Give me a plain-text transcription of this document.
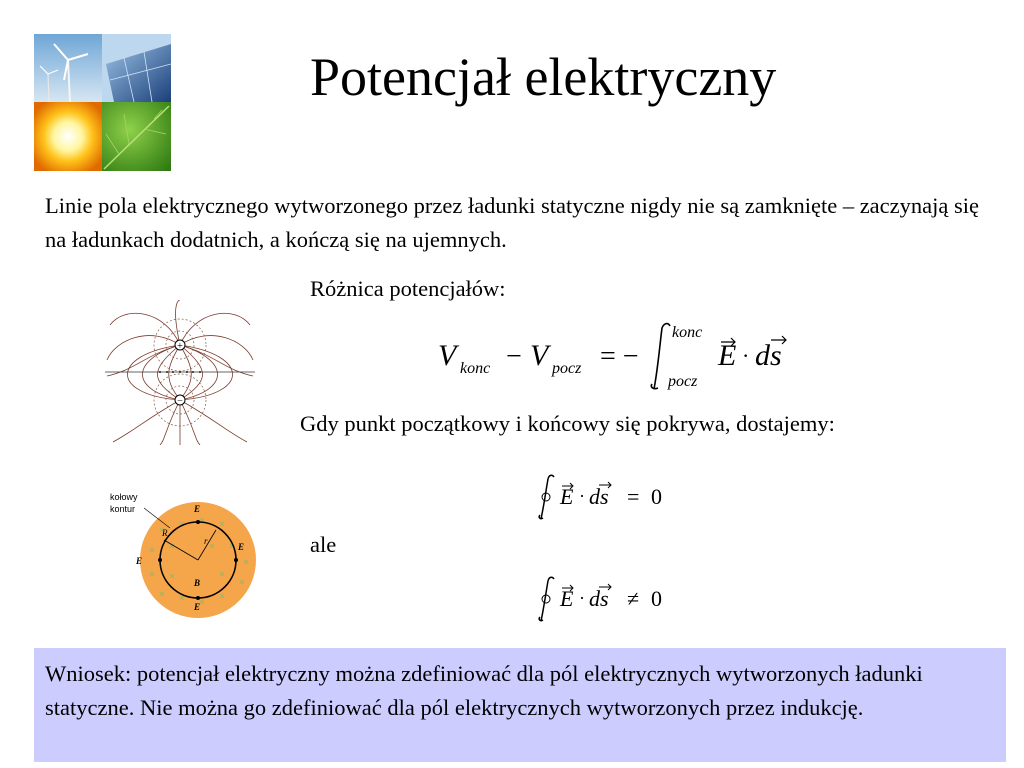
Potencjał elektryczny
Linie pola elektrycznego wytworzonego przez ładunki statyczne nigdy nie są zamknięte – zaczynają się na ładunkach dodatnich, a kończą się na ujemnych.
Różnica potencjałów:
+
−
V konc − V pocz = −
konc
pocz
E · ds
Gdy punkt początkowy i końcowy się pokrywa, dostajemy:
E · ds = 0
R
r
E
E
E
E
B
kołowy
kontur
ale
E · ds ≠ 0
Wniosek: potencjał elektryczny można zdefiniować dla pól elektrycznych wytworzonych ładunki statyczne. Nie można go zdefiniować dla pól elektrycznych wytworzonych przez indukcję.
